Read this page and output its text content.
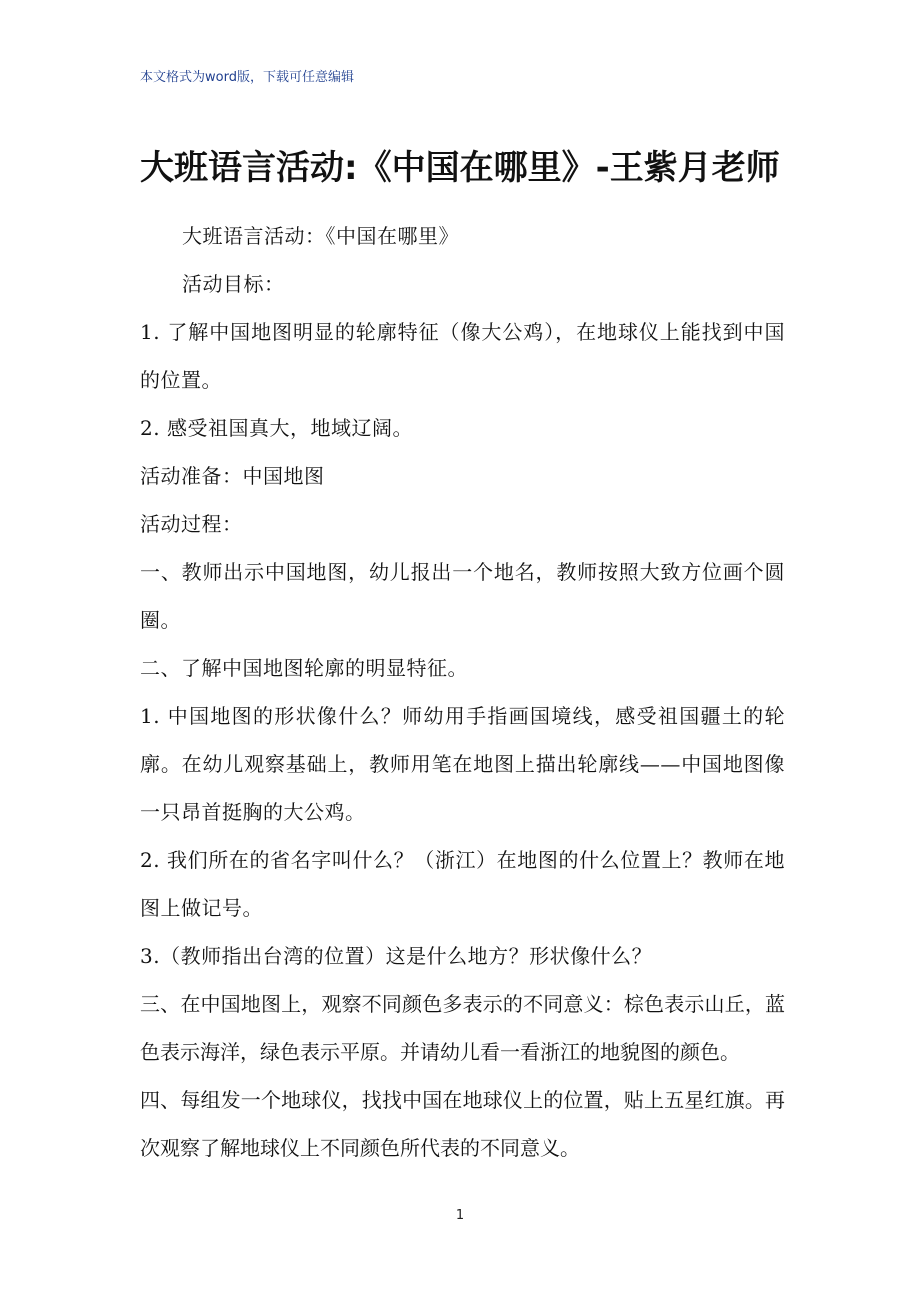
本文格式为word版，下载可任意编辑
大班语言活动:《中国在哪里》-王紫月老师

大班语言活动：《中国在哪里》

活动目标：

1. 了解中国地图明显的轮廓特征（像大公鸡），在地球仪上能找到中国的位置。

2. 感受祖国真大，地域辽阔。

活动准备：中国地图

活动过程：

一、教师出示中国地图，幼儿报出一个地名，教师按照大致方位画个圆圈。

二、了解中国地图轮廓的明显特征。

1. 中国地图的形状像什么？师幼用手指画国境线，感受祖国疆土的轮廓。在幼儿观察基础上，教师用笔在地图上描出轮廓线——中国地图像一只昂首挺胸的大公鸡。

2. 我们所在的省名字叫什么？（浙江）在地图的什么位置上？教师在地图上做记号。

3.（教师指出台湾的位置）这是什么地方？形状像什么？

三、在中国地图上，观察不同颜色多表示的不同意义：棕色表示山丘，蓝色表示海洋，绿色表示平原。并请幼儿看一看浙江的地貌图的颜色。

四、每组发一个地球仪，找找中国在地球仪上的位置，贴上五星红旗。再次观察了解地球仪上不同颜色所代表的不同意义。

1
